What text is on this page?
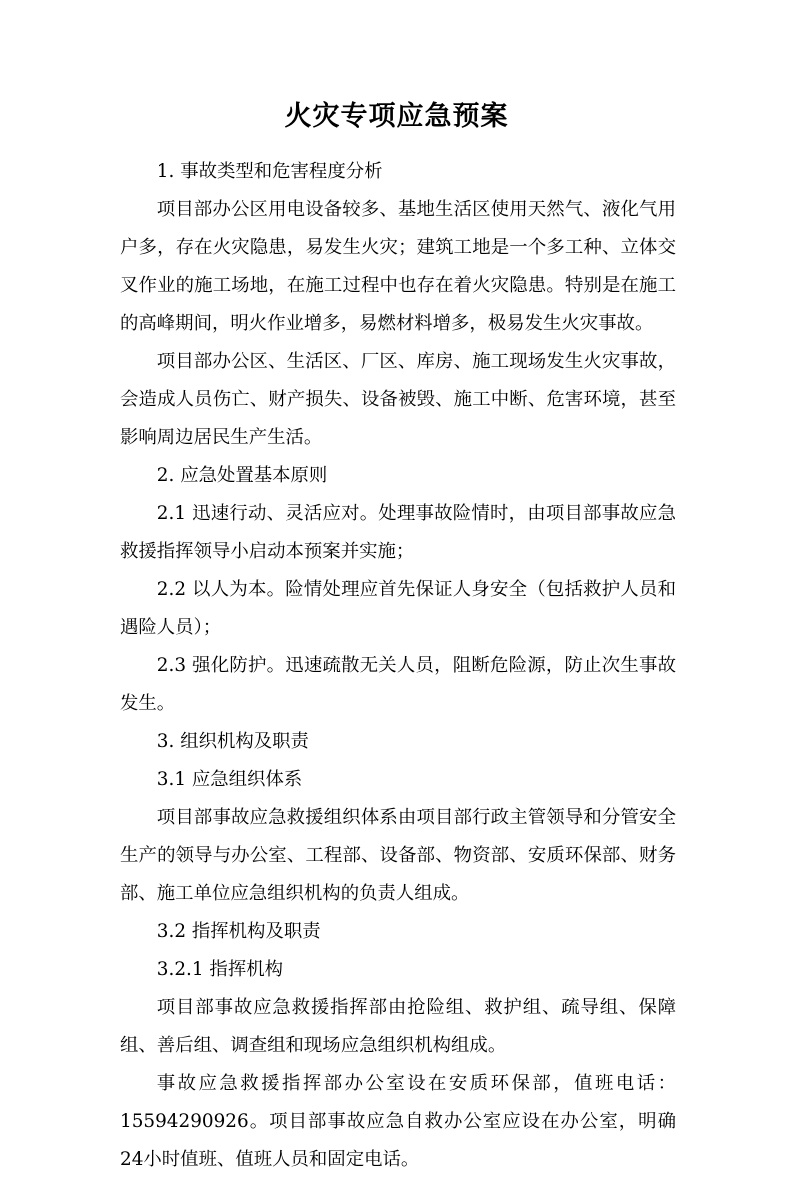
火灾专项应急预案

1. 事故类型和危害程度分析

项目部办公区用电设备较多、基地生活区使用天然气、液化气用户多，存在火灾隐患，易发生火灾；建筑工地是一个多工种、立体交叉作业的施工场地，在施工过程中也存在着火灾隐患。特别是在施工的高峰期间，明火作业增多，易燃材料增多，极易发生火灾事故。

项目部办公区、生活区、厂区、库房、施工现场发生火灾事故，会造成人员伤亡、财产损失、设备被毁、施工中断、危害环境，甚至影响周边居民生产生活。

2. 应急处置基本原则

2.1 迅速行动、灵活应对。处理事故险情时，由项目部事故应急救援指挥领导小启动本预案并实施；

2.2 以人为本。险情处理应首先保证人身安全（包括救护人员和遇险人员）；

2.3 强化防护。迅速疏散无关人员，阻断危险源，防止次生事故发生。

3. 组织机构及职责

3.1 应急组织体系

项目部事故应急救援组织体系由项目部行政主管领导和分管安全生产的领导与办公室、工程部、设备部、物资部、安质环保部、财务部、施工单位应急组织机构的负责人组成。

3.2 指挥机构及职责

3.2.1 指挥机构

项目部事故应急救援指挥部由抢险组、救护组、疏导组、保障组、善后组、调查组和现场应急组织机构组成。

事故应急救援指挥部办公室设在安质环保部，值班电话：15594290926。项目部事故应急自救办公室应设在办公室，明确24小时值班、值班人员和固定电话。
